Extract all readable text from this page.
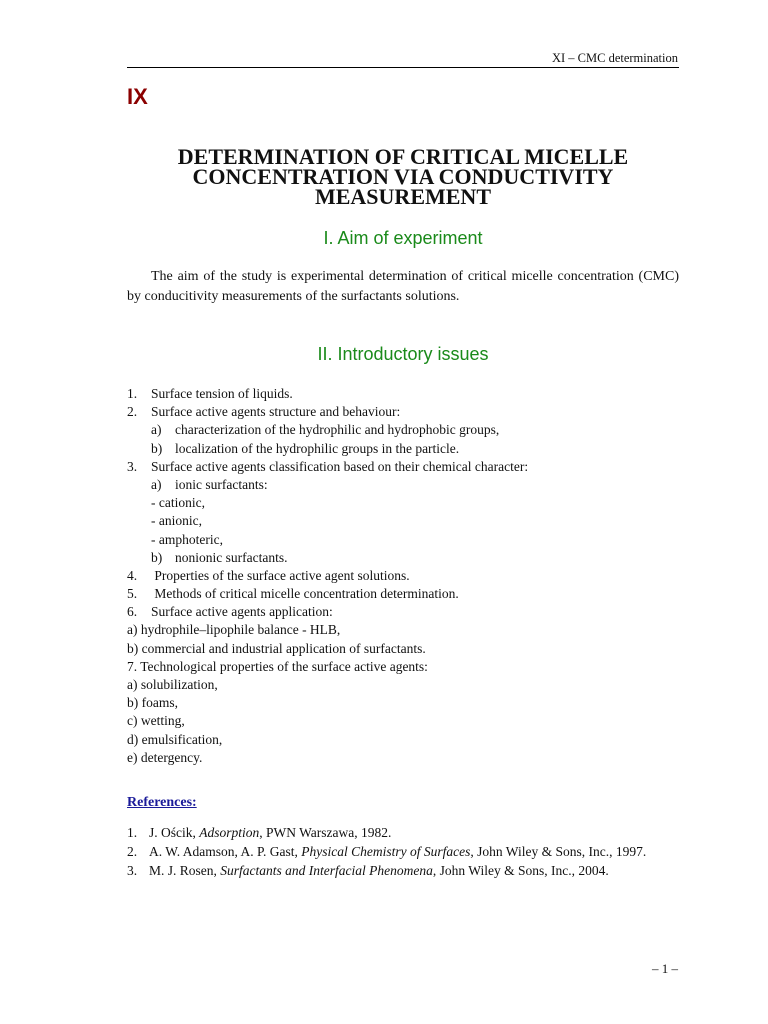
XI – CMC determination
IX
DETERMINATION OF CRITICAL MICELLE
CONCENTRATION VIA CONDUCTIVITY
MEASUREMENT
I. Aim of experiment
The aim of the study is experimental determination of critical micelle concentration (CMC) by conducitivity measurements of the surfactants solutions.
II. Introductory issues
1. Surface tension of liquids.
2. Surface active agents structure and behaviour:
a) characterization of the hydrophilic and hydrophobic groups,
b) localization of the hydrophilic groups in the particle.
3. Surface active agents classification based on their chemical character:
a) ionic surfactants:
- cationic,
- anionic,
- amphoteric,
b) nonionic surfactants.
4. Properties of the surface active agent solutions.
5. Methods of critical micelle concentration determination.
6. Surface active agents application:
a) hydrophile–lipophile balance - HLB,
b) commercial and industrial application of surfactants.
7. Technological properties of the surface active agents:
a) solubilization,
b) foams,
c) wetting,
d) emulsification,
e) detergency.
References:
1. J. Ościk, Adsorption, PWN Warszawa, 1982.
2. A. W. Adamson, A. P. Gast, Physical Chemistry of Surfaces, John Wiley & Sons, Inc., 1997.
3. M. J. Rosen, Surfactants and Interfacial Phenomena, John Wiley & Sons, Inc., 2004.
– 1 –
